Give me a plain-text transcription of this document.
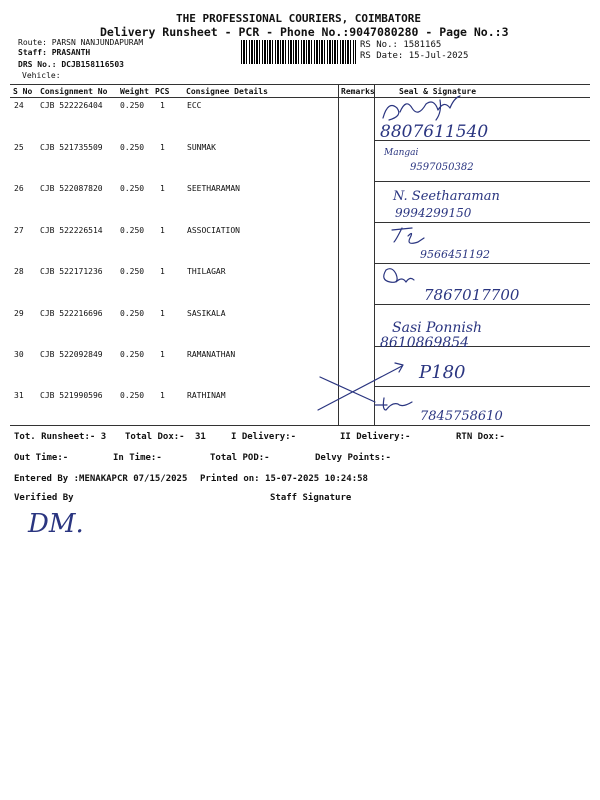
THE PROFESSIONAL COURIERS, COIMBATORE
Delivery Runsheet - PCR - Phone No.:9047080280 - Page No.:3
Route: PARSN NANJUNDAPURAM
Staff: PRASANTH
DRS No.: DCJB158116503
Vehicle:
RS No.: 1581165
RS Date: 15-Jul-2025
S No Consignment No Weight PCS Consignee Details	Remarks	Seal & Signature
24 CJB 522226404 0.250 1	ECC
25 CJB 521735509 0.250 1	SUNMAK
26 CJB 522087820 0.250 1	SEETHARAMAN
27 CJB 522226514 0.250 1	ASSOCIATION
28 CJB 522171236 0.250 1	THILAGAR
29 CJB 522216696 0.250 1	SASIKALA
30 CJB 522092849 0.250 1	RAMANATHAN
31 CJB 521990596 0.250 1	RATHINAM
8807611540
Mangai
9597050382
N. Seetharaman
9994299150
9566451192
7867017700
Sasi Ponnish
8610869854
P180
7845758610
DM.
Tot. Runsheet:- 3 Total Dox:- 31	I Delivery:-	II Delivery:-	RTN Dox:-
Out Time:-	In Time:-	Total POD:-	Delvy Points:-
Entered By :MENAKAPCR 07/15/2025 Printed on: 15-07-2025 10:24:58
Verified By	Staff Signature
